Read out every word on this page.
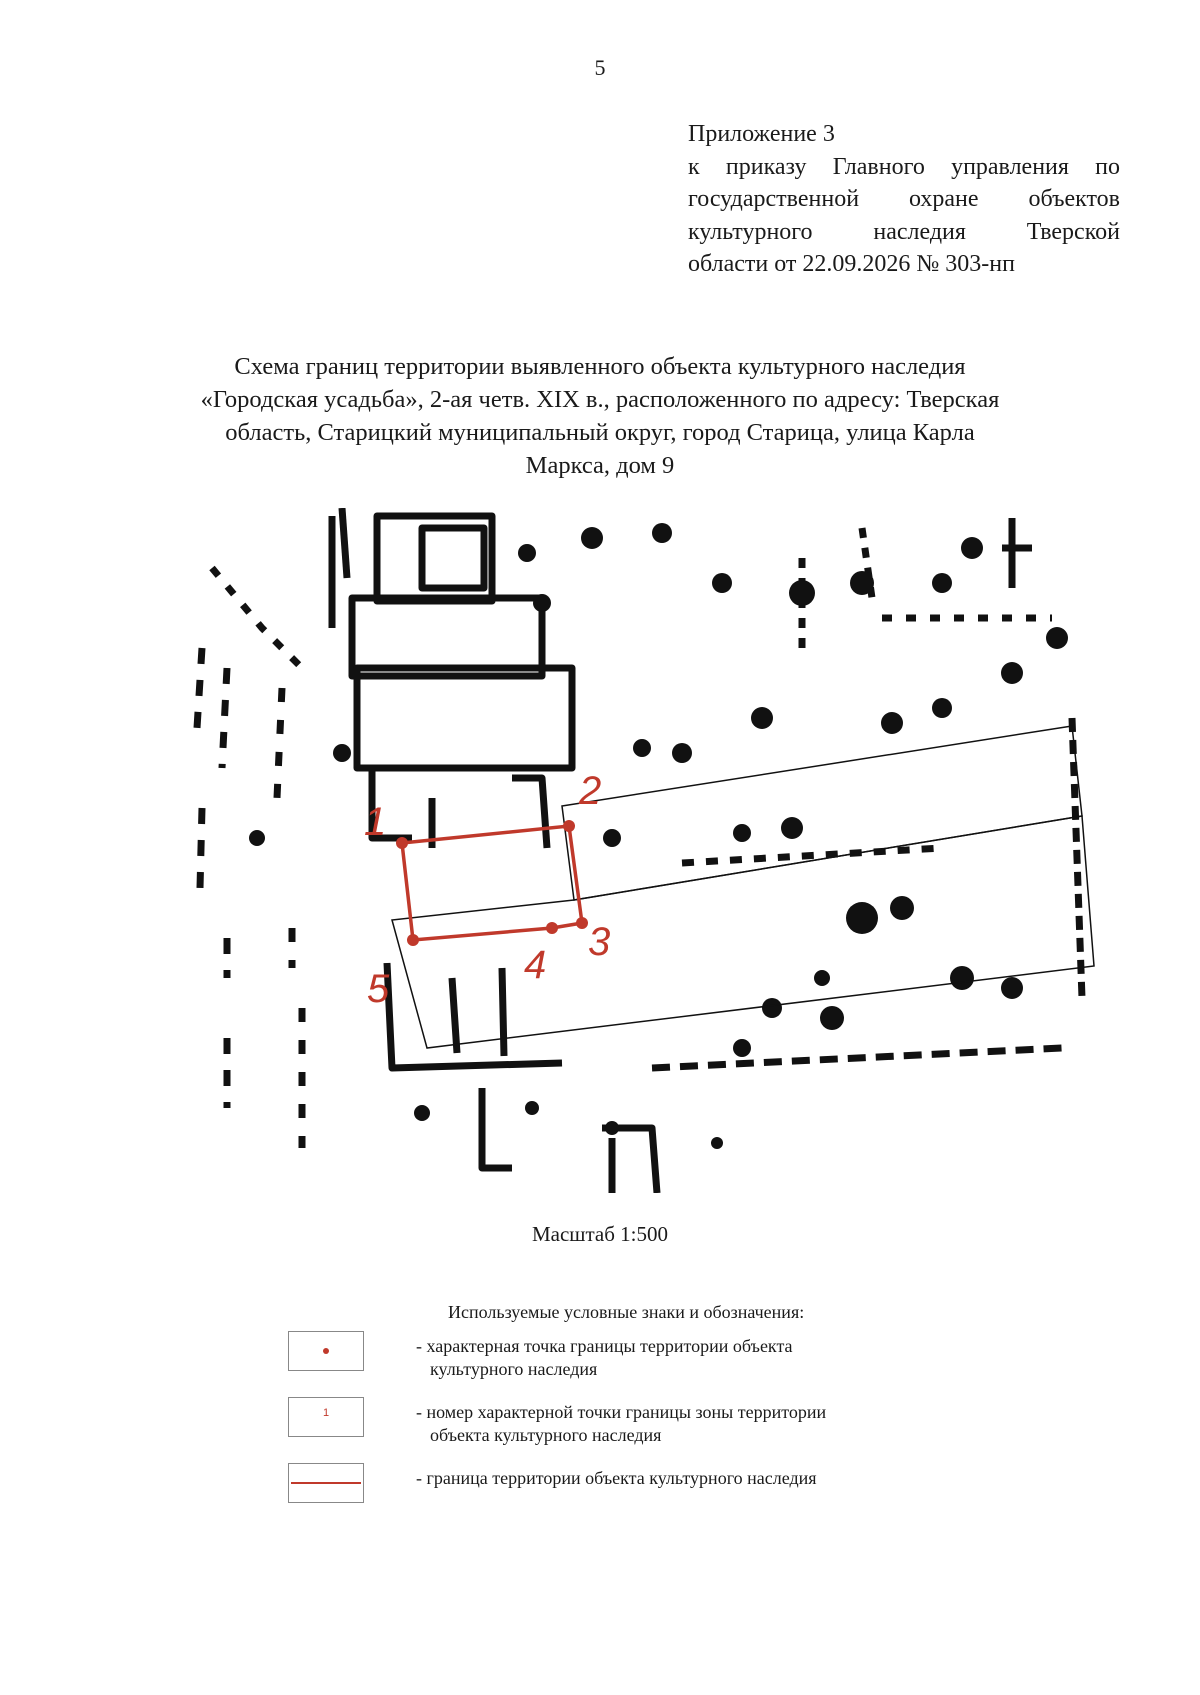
5
Приложение 3
к приказу Главного управления по
государственной охране объектов
культурного наследия Тверской
области от 22.09.2026 № 303-нп
Схема границ территории выявленного объекта культурного наследия
«Городская усадьба», 2-ая четв. XIX в., расположенного по адресу: Тверская
область, Старицкий муниципальный округ, город Старица, улица Карла
Маркса, дом 9
1
2
3
4
5
Масштаб 1:500
Используемые условные знаки и обозначения:
- характерная точка границы территории объекта
культурного наследия
1	- номер характерной точки границы зоны территории
объекта культурного наследия
- граница территории объекта культурного наследия
